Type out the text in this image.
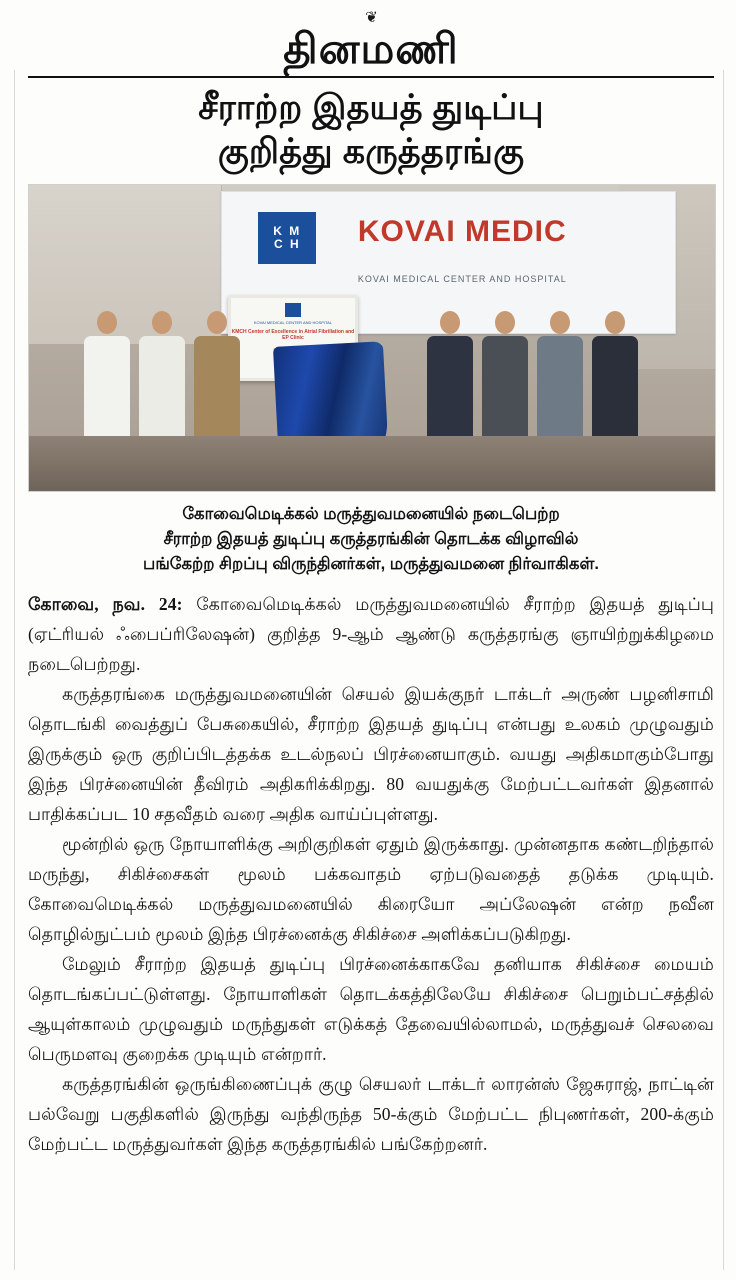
❦
தினமணி
சீராற்ற இதயத் துடிப்பு
குறித்து கருத்தரங்கு
K M
C H KOVAI MEDIC
KOVAI MEDICAL CENTER AND HOSPITAL
KOVAI MEDICAL CENTER AND HOSPITAL
KMCH Center of Excellence in Atrial Fibrillation and EP Clinic
கோவைமெடிக்கல் மருத்துவமனையில் நடைபெற்ற
சீராற்ற இதயத் துடிப்பு கருத்தரங்கின் தொடக்க விழாவில்
பங்கேற்ற சிறப்பு விருந்தினர்கள், மருத்துவமனை நிர்வாகிகள்.

கோவை, நவ. 24: கோவைமெடிக்கல் மருத்துவமனையில் சீராற்ற இதயத் துடிப்பு (ஏட்ரியல் ஃபைப்ரிலேஷன்) குறித்த 9-ஆம் ஆண்டு கருத்தரங்கு ஞாயிற்றுக்கிழமை நடைபெற்றது.

கருத்தரங்கை மருத்துவமனையின் செயல் இயக்குநர் டாக்டர் அருண் பழனிசாமி தொடங்கி வைத்துப் பேசுகையில், சீராற்ற இதயத் துடிப்பு என்பது உலகம் முழுவதும் இருக்கும் ஒரு குறிப்பிடத்தக்க உடல்நலப் பிரச்னையாகும். வயது அதிகமாகும்போது இந்த பிரச்னையின் தீவிரம் அதிகரிக்கிறது. 80 வயதுக்கு மேற்பட்டவர்கள் இதனால் பாதிக்கப்பட 10 சதவீதம் வரை அதிக வாய்ப்புள்ளது.

மூன்றில் ஒரு நோயாளிக்கு அறிகுறிகள் ஏதும் இருக்காது. முன்னதாக கண்டறிந்தால் மருந்து, சிகிச்சைகள் மூலம் பக்கவாதம் ஏற்படுவதைத் தடுக்க முடியும். கோவைமெடிக்கல் மருத்துவமனையில் கிரையோ அப்லேஷன் என்ற நவீன தொழில்நுட்பம் மூலம் இந்த பிரச்னைக்கு சிகிச்சை அளிக்கப்படுகிறது.

மேலும் சீராற்ற இதயத் துடிப்பு பிரச்னைக்காகவே தனியாக சிகிச்சை மையம் தொடங்கப்பட்டுள்ளது. நோயாளிகள் தொடக்கத்திலேயே சிகிச்சை பெறும்பட்சத்தில் ஆயுள்காலம் முழுவதும் மருந்துகள் எடுக்கத் தேவையில்லாமல், மருத்துவச் செலவை பெருமளவு குறைக்க முடியும் என்றார்.

கருத்தரங்கின் ஒருங்கிணைப்புக் குழு செயலர் டாக்டர் லாரன்ஸ் ஜேசுராஜ், நாட்டின் பல்வேறு பகுதிகளில் இருந்து வந்திருந்த 50-க்கும் மேற்பட்ட நிபுணர்கள், 200-க்கும் மேற்பட்ட மருத்துவர்கள் இந்த கருத்தரங்கில் பங்கேற்றனர்.
